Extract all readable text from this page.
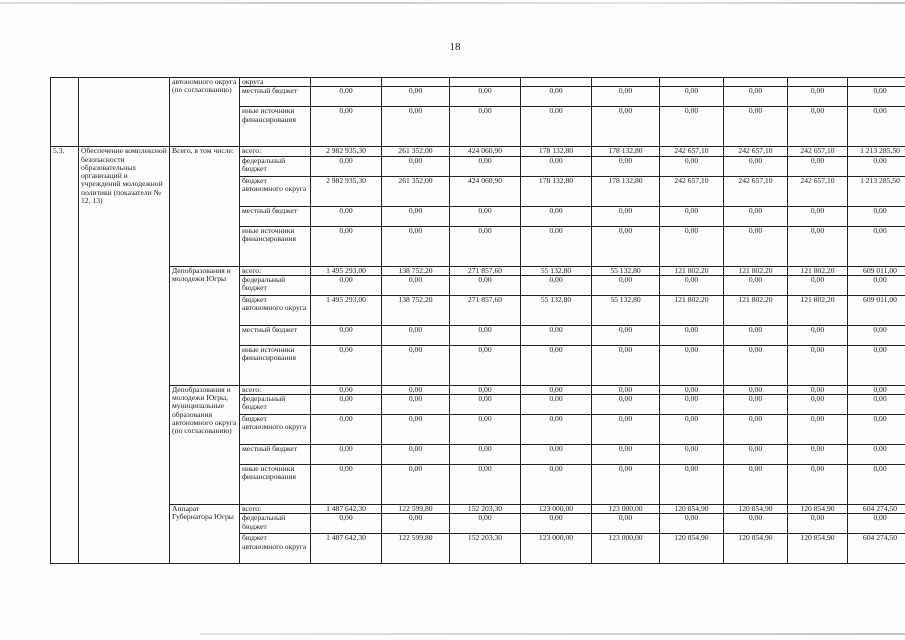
18
		автономного округа (по согласованию)	округа									
			местный бюджет	0,00	0,00	0,00	0,00	0,00	0,00	0,00	0,00	0,00
			иные источники финансирования	0,00	0,00	0,00	0,00	0,00	0,00	0,00	0,00	0,00
5.3.	Обеспечение комплексной безопасности образовательных организаций и учреждений молодежной политики (показатели № 12, 13)	Всего, в том числе:	всего:	2 982 935,30	261 352,00	424 060,90	178 132,80	178 132,80	242 657,10	242 657,10	242 657,10	1 213 285,50
			федеральный бюджет	0,00	0,00	0,00	0,00	0,00	0,00	0,00	0,00	0,00
			бюджет автономного округа	2 982 935,30	261 352,00	424 060,90	178 132,80	178 132,80	242 657,10	242 657,10	242 657,10	1 213 285,50
			местный бюджет	0,00	0,00	0,00	0,00	0,00	0,00	0,00	0,00	0,00
			иные источники финансирования	0,00	0,00	0,00	0,00	0,00	0,00	0,00	0,00	0,00
		Депобразования и молодежи Югры	всего:	1 495 293,00	138 752,20	271 857,60	55 132,80	55 132,80	121 802,20	121 802,20	121 802,20	609 011,00
			федеральный бюджет	0,00	0,00	0,00	0,00	0,00	0,00	0,00	0,00	0,00
			бюджет автономного округа	1 495 293,00	138 752,20	271 857,60	55 132,80	55 132,80	121 802,20	121 802,20	121 802,20	609 011,00
			местный бюджет	0,00	0,00	0,00	0,00	0,00	0,00	0,00	0,00	0,00
			иные источники финансирования	0,00	0,00	0,00	0,00	0,00	0,00	0,00	0,00	0,00
		Депобразования и молодежи Югры, муниципальные образования автономного округа (по согласованию)	всего:	0,00	0,00	0,00	0,00	0,00	0,00	0,00	0,00	0,00
			федеральный бюджет	0,00	0,00	0,00	0,00	0,00	0,00	0,00	0,00	0,00
			бюджет автономного округа	0,00	0,00	0,00	0,00	0,00	0,00	0,00	0,00	0,00
			местный бюджет	0,00	0,00	0,00	0,00	0,00	0,00	0,00	0,00	0,00
			иные источники финансирования	0,00	0,00	0,00	0,00	0,00	0,00	0,00	0,00	0,00
		Аппарат Губернатора Югры	всего:	1 487 642,30	122 599,80	152 203,30	123 000,00	123 000,00	120 854,90	120 854,90	120 854,90	604 274,50
			федеральный бюджет	0,00	0,00	0,00	0,00	0,00	0,00	0,00	0,00	0,00
			бюджет автономного округа	1 487 642,30	122 599,80	152 203,30	123 000,00	123 000,00	120 854,90	120 854,90	120 854,90	604 274,50
